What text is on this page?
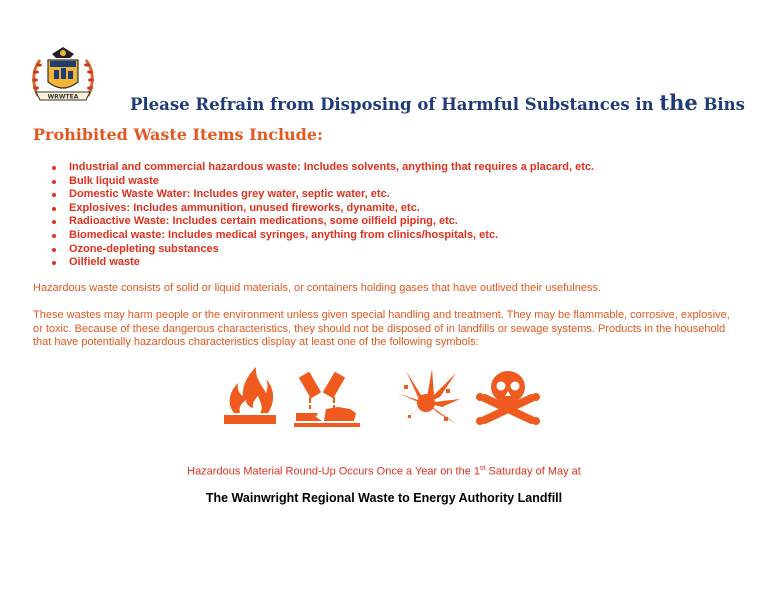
WRWTEA	Please Refrain from Disposing of Harmful Substances in the Bins
Prohibited Waste Items Include:
Industrial and commercial hazardous waste: Includes solvents, anything that requires a placard, etc.
Bulk liquid waste
Domestic Waste Water: Includes grey water, septic water, etc.
Explosives: Includes ammunition, unused fireworks, dynamite, etc.
Radioactive Waste: Includes certain medications, some oilfield piping, etc.
Biomedical waste: Includes medical syringes, anything from clinics/hospitals, etc.
Ozone-depleting substances
Oilfield waste

Hazardous waste consists of solid or liquid materials, or containers holding gases that have outlived their usefulness.

These wastes may harm people or the environment unless given special handling and treatment. They may be flammable, corrosive, explosive, or toxic. Because of these dangerous characteristics, they should not be disposed of in landfills or sewage systems. Products in the household that have potentially hazardous characteristics display at least one of the following symbols:

Hazardous Material Round-Up Occurs Once a Year on the 1st Saturday of May at

The Wainwright Regional Waste to Energy Authority Landfill
